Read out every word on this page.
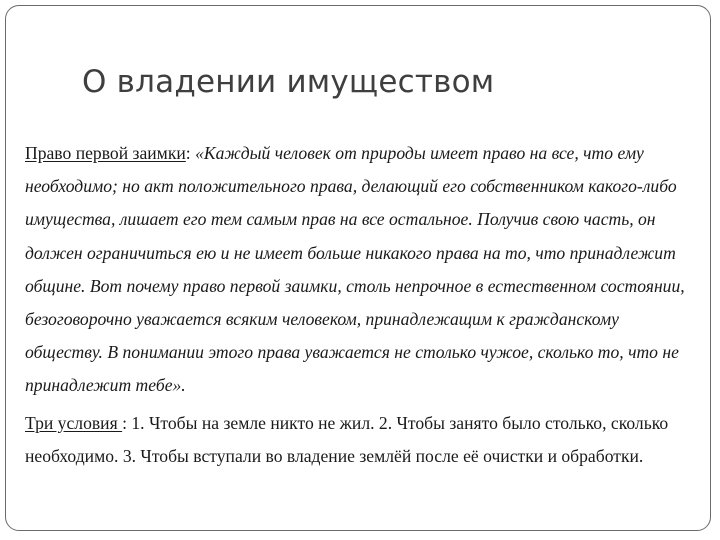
О владении имуществом

Право первой заимки: «Каждый человек от природы имеет право на все, что ему необходимо; но акт положительного права, делающий его собственником какого-либо имущества, лишает его тем самым прав на все остальное. Получив свою часть, он должен ограничиться ею и не имеет больше никакого права на то, что принадлежит общине. Вот почему право первой заимки, столь непрочное в естественном состоянии, безоговорочно уважается всяким человеком, принадлежащим к гражданскому обществу. В понимании этого права уважается не столько чужое, сколько то, что не принадлежит тебе».

Три условия : 1. Чтобы на земле никто не жил. 2. Чтобы занято было столько, сколько необходимо. 3. Чтобы вступали во владение землёй после её очистки и обработки.
